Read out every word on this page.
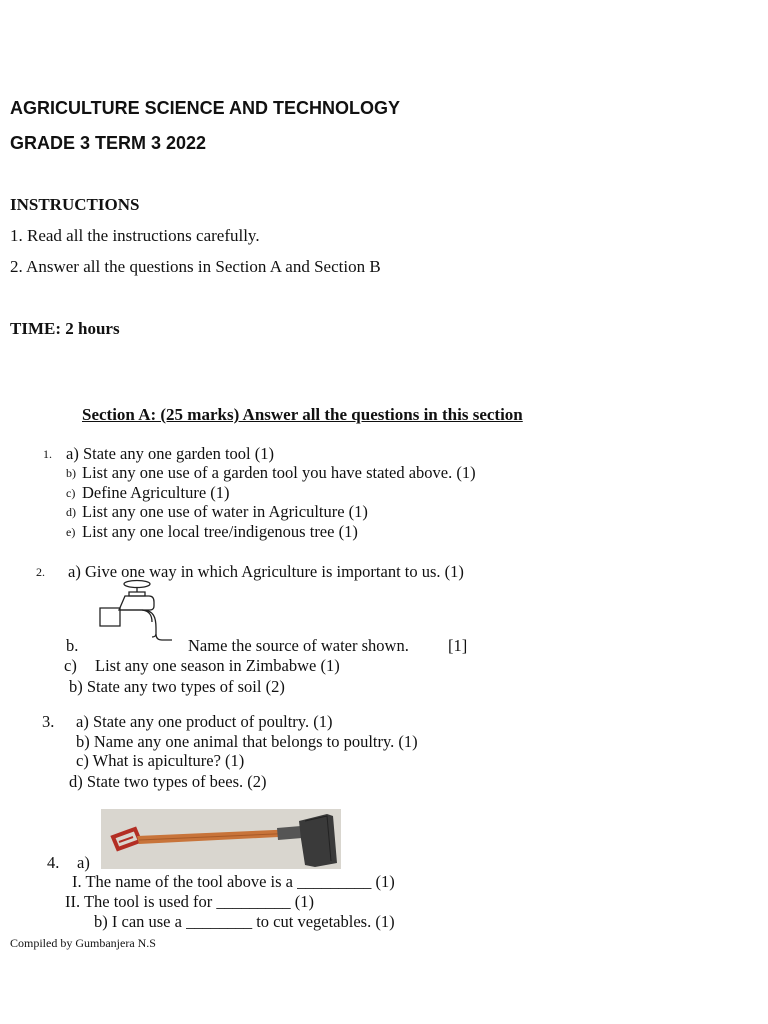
AGRICULTURE SCIENCE AND TECHNOLOGY
GRADE 3 TERM 3 2022
INSTRUCTIONS
1. Read all the instructions carefully.
2. Answer all the questions in Section A and Section B
TIME: 2 hours
Section A: (25 marks) Answer all the questions in this section
1. a) State any one garden tool (1)
b) List any one use of a garden tool you have stated above. (1)
c) Define Agriculture (1)
d) List any one use of water in Agriculture (1)
e) List any one local tree/indigenous tree (1)
2. a) Give one way in which Agriculture is important to us. (1)
b.	Name the source of water shown. [1]
c) List any one season in Zimbabwe (1)
b) State any two types of soil (2)
3. a) State any one product of poultry. (1)
b) Name any one animal that belongs to poultry. (1)
c) What is apiculture? (1)
d) State two types of bees. (2)
4. a)
I. The name of the tool above is a _________ (1)
II. The tool is used for _________ (1)
b) I can use a ________ to cut vegetables. (1)
Compiled by Gumbanjera N.S
